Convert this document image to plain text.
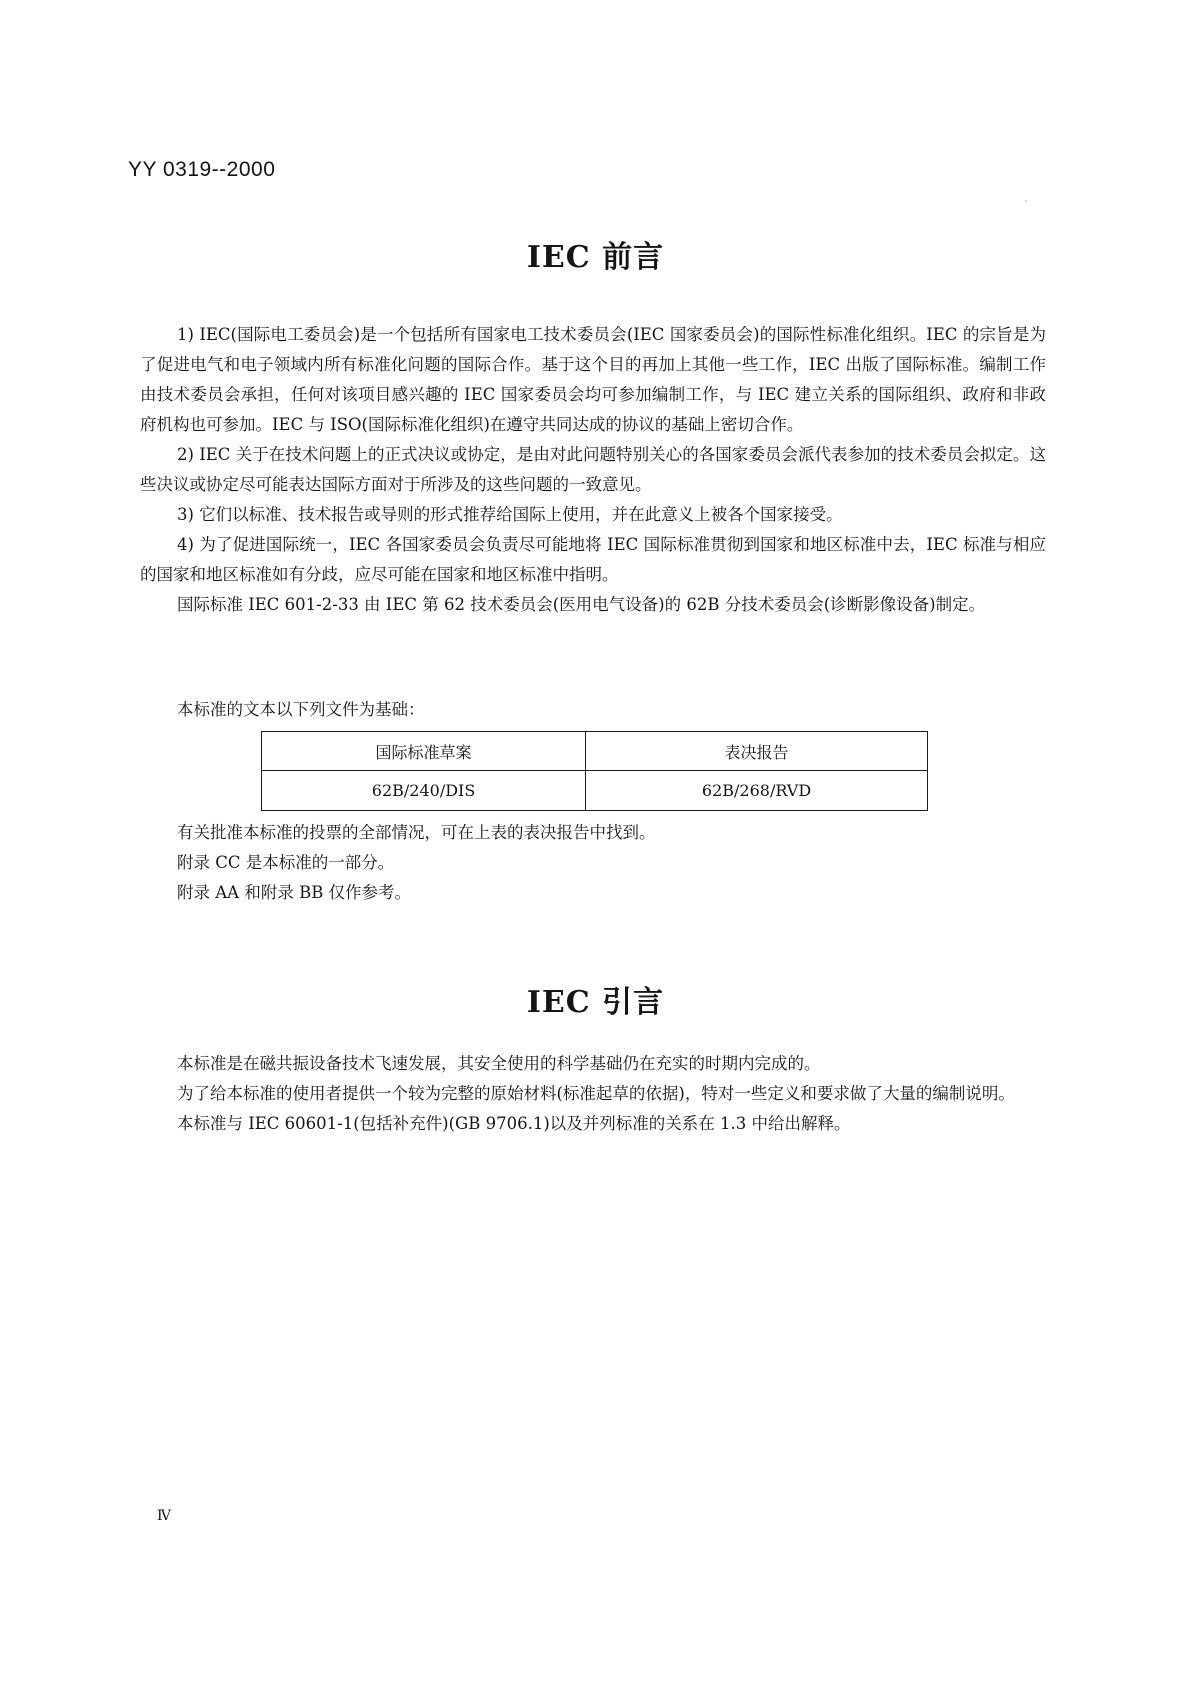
YY 0319--2000
IEC 前言

1) IEC(国际电工委员会)是一个包括所有国家电工技术委员会(IEC 国家委员会)的国际性标准化组织。IEC 的宗旨是为了促进电气和电子领域内所有标准化问题的国际合作。基于这个目的再加上其他一些工作，IEC 出版了国际标准。编制工作由技术委员会承担，任何对该项目感兴趣的 IEC 国家委员会均可参加编制工作，与 IEC 建立关系的国际组织、政府和非政府机构也可参加。IEC 与 ISO(国际标准化组织)在遵守共同达成的协议的基础上密切合作。

2) IEC 关于在技术问题上的正式决议或协定，是由对此问题特别关心的各国家委员会派代表参加的技术委员会拟定。这些决议或协定尽可能表达国际方面对于所涉及的这些问题的一致意见。

3) 它们以标准、技术报告或导则的形式推荐给国际上使用，并在此意义上被各个国家接受。

4) 为了促进国际统一，IEC 各国家委员会负责尽可能地将 IEC 国际标准贯彻到国家和地区标准中去，IEC 标准与相应的国家和地区标准如有分歧，应尽可能在国家和地区标准中指明。

国际标准 IEC 601-2-33 由 IEC 第 62 技术委员会(医用电气设备)的 62B 分技术委员会(诊断影像设备)制定。

本标准的文本以下列文件为基础：
国际标准草案	表决报告
62B/240/DIS	62B/268/RVD
有关批准本标准的投票的全部情况，可在上表的表决报告中找到。
附录 CC 是本标准的一部分。
附录 AA 和附录 BB 仅作参考。
IEC 引言

本标准是在磁共振设备技术飞速发展，其安全使用的科学基础仍在充实的时期内完成的。

为了给本标准的使用者提供一个较为完整的原始材料(标准起草的依据)，特对一些定义和要求做了大量的编制说明。

本标准与 IEC 60601-1(包括补充件)(GB 9706.1)以及并列标准的关系在 1.3 中给出解释。

Ⅳ
